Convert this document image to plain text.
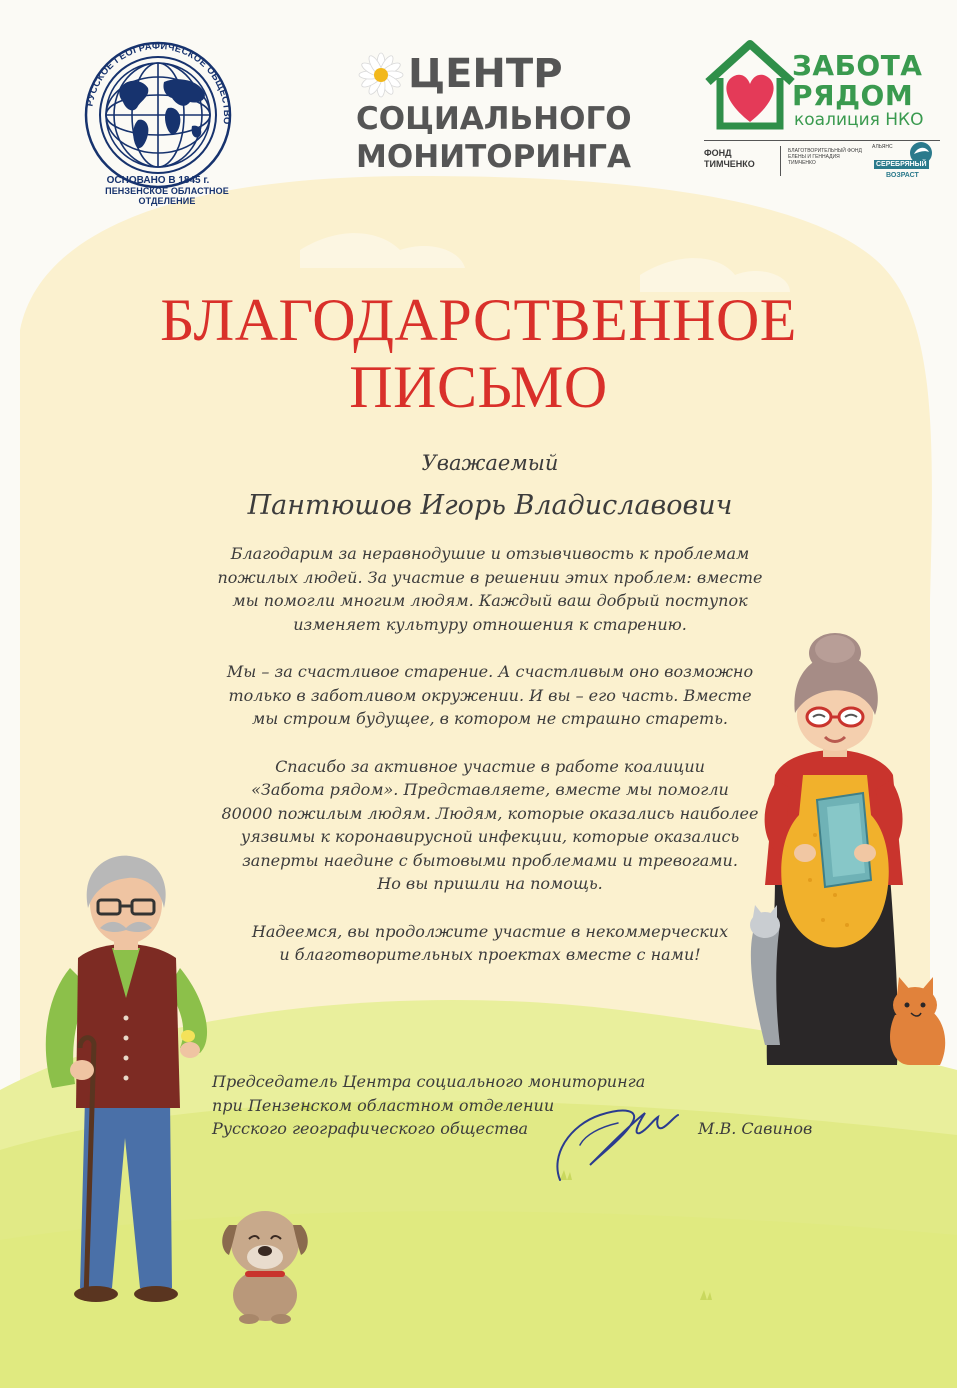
РУССКОЕ ГЕОГРАФИЧЕСКОЕ ОБЩЕСТВО
ОСНОВАНО В 1845 г.
ПЕНЗЕНСКОЕ ОБЛАСТНОЕ ОТДЕЛЕНИЕ
ЦЕНТР
СОЦИАЛЬНОГО
МОНИТОРИНГА
ЗАБОТА
РЯДОМ
коалиция НКО
ФОНД
ТИМЧЕНКО
БЛАГОТВОРИТЕЛЬНЫЙ ФОНД ЕЛЕНЫ И ГЕННАДИЯ ТИМЧЕНКО
АЛЬЯНС
СЕРЕБРЯНЫЙ
ВОЗРАСТ
БЛАГОДАРСТВЕННОЕ
ПИСЬМО
Уважаемый
Пантюшов Игорь Владиславович
Благодарим за неравнодушие и отзывчивость к проблемам
пожилых людей. За участие в решении этих проблем: вместе
мы помогли многим людям. Каждый ваш добрый поступок
изменяет культуру отношения к старению.
Мы – за счастливое старение. А счастливым оно возможно
только в заботливом окружении. И вы – его часть. Вместе
мы строим будущее, в котором не страшно стареть.
Спасибо за активное участие в работе коалиции
«Забота рядом». Представляете, вместе мы помогли
80000 пожилым людям. Людям, которые оказались наиболее
уязвимы к коронавирусной инфекции, которые оказались
заперты наедине с бытовыми проблемами и тревогами.
Но вы пришли на помощь.
Надеемся, вы продолжите участие в некоммерческих
и благотворительных проектах вместе с нами!
Председатель Центра социального мониторинга
при Пензенском областном отделении
Русского географического общества	М.В. Савинов
